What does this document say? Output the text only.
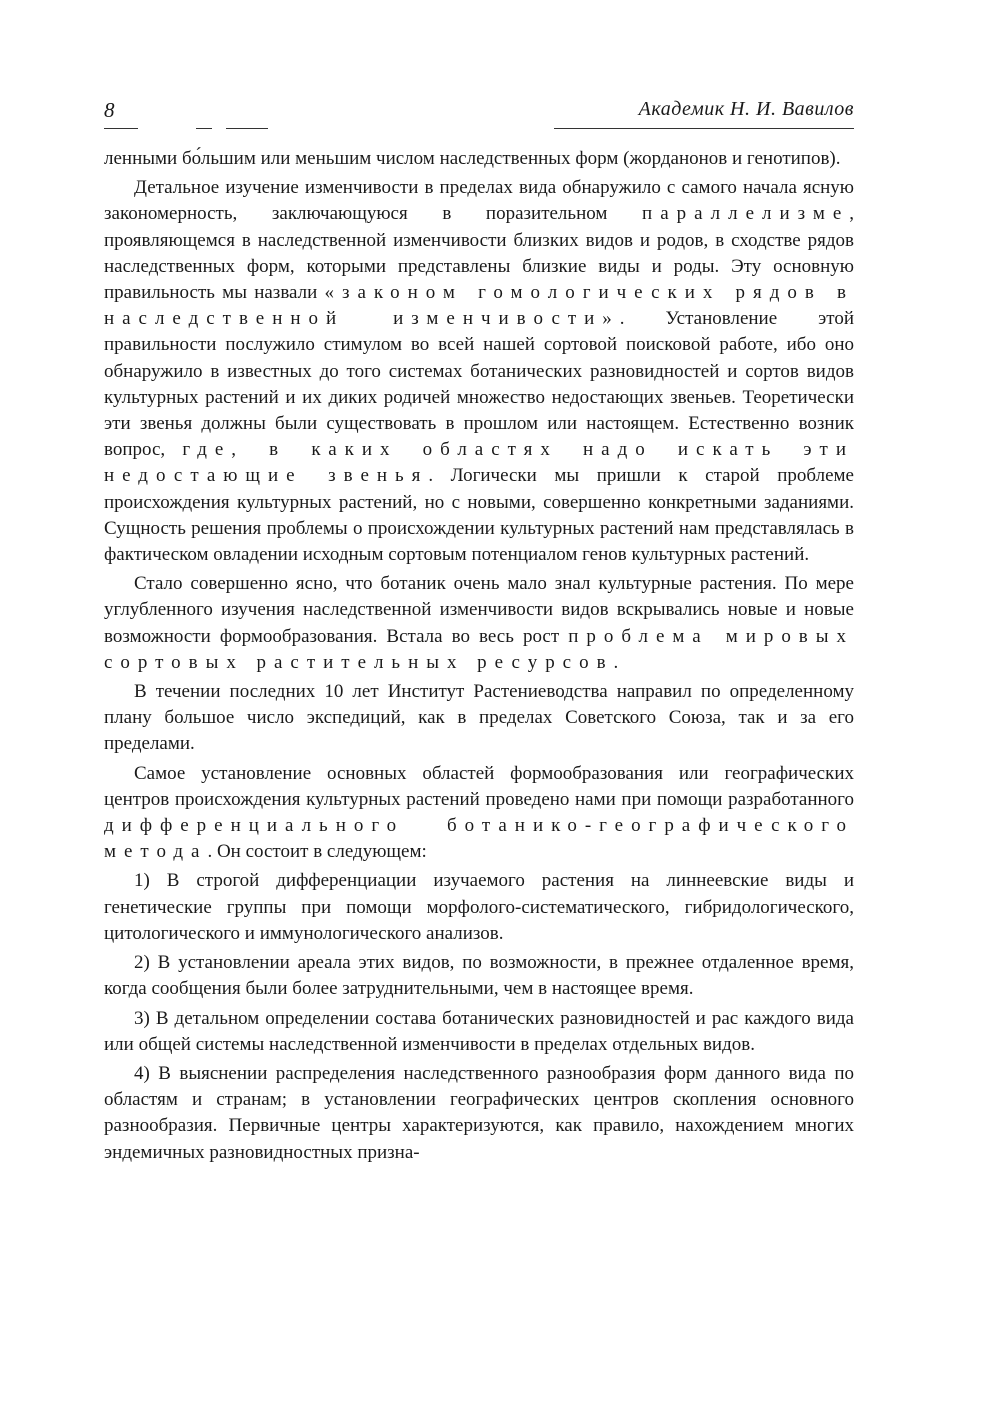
8	Академик Н. И. Вавилов

ленными бо́льшим или меньшим числом наследственных форм (жорданонов и генотипов).

Детальное изучение изменчивости в пределах вида обнаружило с самого начала ясную закономерность, заключающуюся в поразительном параллелизме, проявляющемся в наследственной изменчивости близких видов и родов, в сходстве рядов наследственных форм, которыми представлены близкие виды и роды. Эту основную правильность мы назвали «законом гомологических рядов в наследственной изменчивости». Установление этой правильности послужило стимулом во всей нашей сортовой поисковой работе, ибо оно обнаружило в известных до того системах ботанических разновидностей и сортов видов культурных растений и их диких родичей множество недостающих звеньев. Теоретически эти звенья должны были существовать в прошлом или настоящем. Естественно возник вопрос, где, в каких областях надо искать эти недостающие звенья. Логически мы пришли к старой проблеме происхождения культурных растений, но с новыми, совершенно конкретными заданиями. Сущность решения проблемы о происхождении культурных растений нам представлялась в фактическом овладении исходным сортовым потенциалом генов культурных растений.

Стало совершенно ясно, что ботаник очень мало знал культурные растения. По мере углубленного изучения наследственной изменчивости видов вскрывались новые и новые возможности формообразования. Встала во весь рост проблема мировых сортовых растительных ресурсов.

В течении последних 10 лет Институт Растениеводства направил по определенному плану большое число экспедиций, как в пределах Советского Союза, так и за его пределами.

Самое установление основных областей формообразования или географических центров происхождения культурных растений проведено нами при помощи разработанного дифференциального ботанико-географического метода. Он состоит в следующем:

1) В строгой дифференциации изучаемого растения на линнеевские виды и генетические группы при помощи морфолого-систематического, гибридологического, цитологического и иммунологического анализов.

2) В установлении ареала этих видов, по возможности, в прежнее отдаленное время, когда сообщения были более затруднительными, чем в настоящее время.

3) В детальном определении состава ботанических разновидностей и рас каждого вида или общей системы наследственной изменчивости в пределах отдельных видов.

4) В выяснении распределения наследственного разнообразия форм данного вида по областям и странам; в установлении географических центров скопления основного разнообразия. Первичные центры характеризуются, как правило, нахождением многих эндемичных разновидностных призна-
